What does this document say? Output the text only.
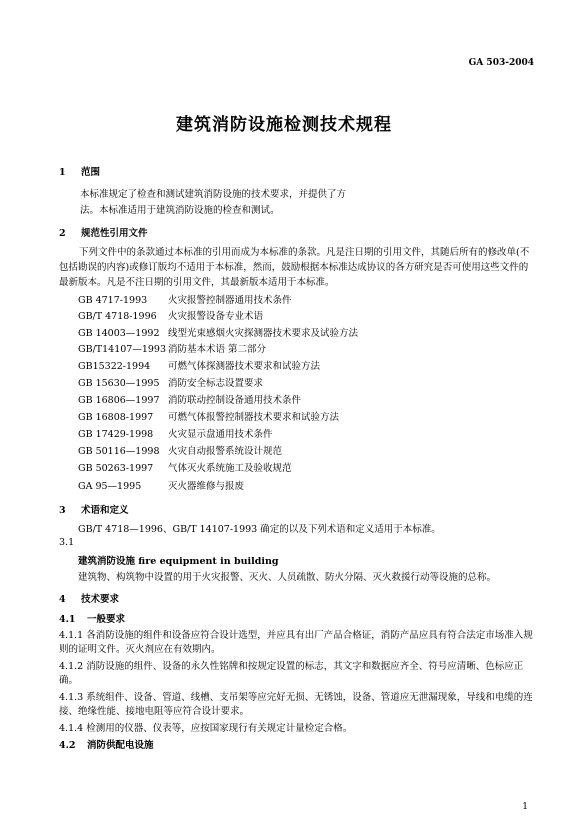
GA 503-2004
建筑消防设施检测技术规程
1 范围
本标准规定了检查和测试建筑消防设施的技术要求，并提供了方
法。本标准适用于建筑消防设施的检查和测试。
2 规范性引用文件
下列文件中的条款通过本标准的引用而成为本标准的条款。凡是注日期的引用文件，其随后所有的修改单(不包括勘误的内容)或修订版均不适用于本标准，然而，鼓励根据本标准达成协议的各方研究是否可使用这些文件的最新版本。凡是不注日期的引用文件，其最新版本适用于本标准。
GB 4717-1993 火灾报警控制器通用技术条件
GB/T 4718-1996 火灾报警设备专业术语
GB 14003—1992 线型光束感烟火灾探测器技术要求及试验方法
GB/T14107—1993 消防基本术语 第二部分
GB15322-1994 可燃气体探测器技术要求和试验方法
GB 15630—1995 消防安全标志设置要求
GB 16806—1997 消防联动控制设备通用技术条件
GB 16808-1997 可燃气体报警控制器技术要求和试验方法
GB 17429-1998 火灾显示盘通用技术条件
GB 50116—1998 火灾自动报警系统设计规范
GB 50263-1997 气体灭火系统施工及验收规范
GA 95—1995	灭火器维修与报废
3 术语和定义
GB/T 4718—1996、GB/T 14107-1993 确定的以及下列术语和定义适用于本标准。
3.1
建筑消防设施 fire equipment in building
建筑物、构筑物中设置的用于火灾报警、灭火、人员疏散、防火分隔、灭火救援行动等设施的总称。
4 技术要求
4.1 一般要求
4.1.1 各消防设施的组件和设备应符合设计选型，并应具有出厂产品合格证，消防产品应具有符合法定市场准入规则的证明文件。灭火剂应在有效期内。
4.1.2 消防设施的组件、设备的永久性铭牌和按规定设置的标志，其文字和数据应齐全、符号应清晰、色标应正确。
4.1.3 系统组件、设备、管道、线槽、支吊架等应完好无损、无锈蚀，设备、管道应无泄漏现象，导线和电缆的连接、绝缘性能、接地电阻等应符合设计要求。
4.1.4 检测用的仪器、仪表等，应按国家现行有关规定计量检定合格。
4.2 消防供配电设施
1
